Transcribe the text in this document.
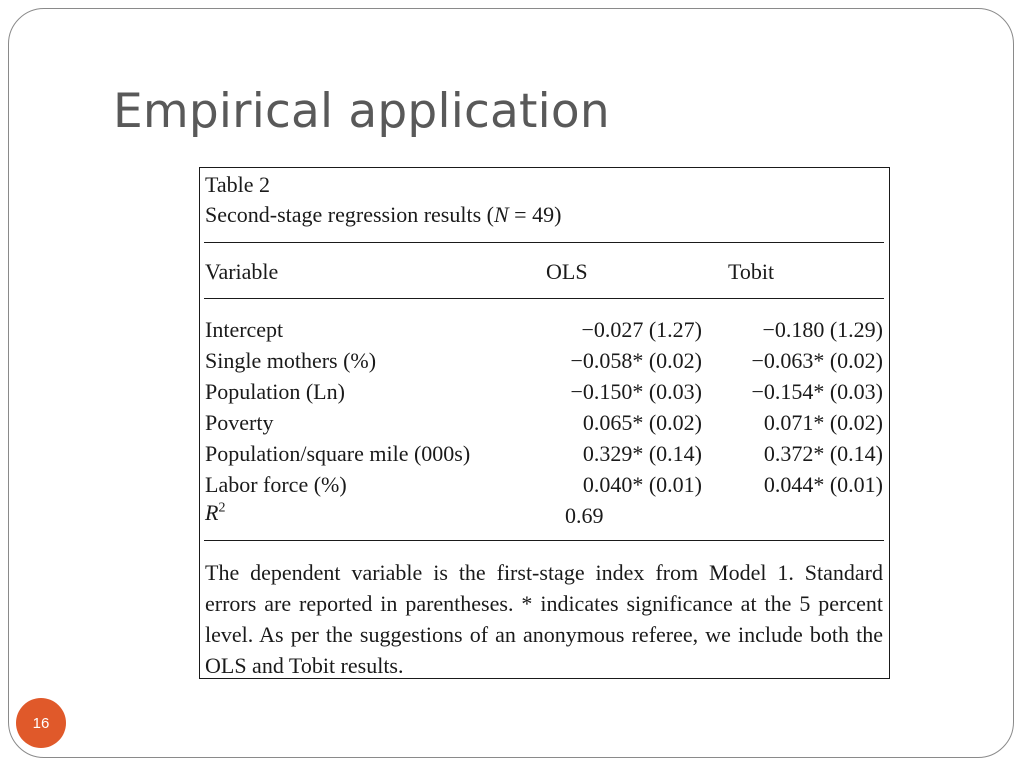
Empirical application
Table 2
Second-stage regression results (N = 49)
Variable	OLS	Tobit
Intercept	−0.027 (1.27)	−0.180 (1.29)
Single mothers (%)	−0.058* (0.02)	−0.063* (0.02)
Population (Ln)	−0.150* (0.03)	−0.154* (0.03)
Poverty	0.065* (0.02)	0.071* (0.02)
Population/square mile (000s)	0.329* (0.14)	0.372* (0.14)
Labor force (%)	0.040* (0.01)	0.044* (0.01)
$R^2$	0.69
The dependent variable is the first-stage index from Model 1. Standard errors are reported in parentheses. * indicates significance at the 5 percent level. As per the suggestions of an anonymous referee, we include both the OLS and Tobit results.
16
